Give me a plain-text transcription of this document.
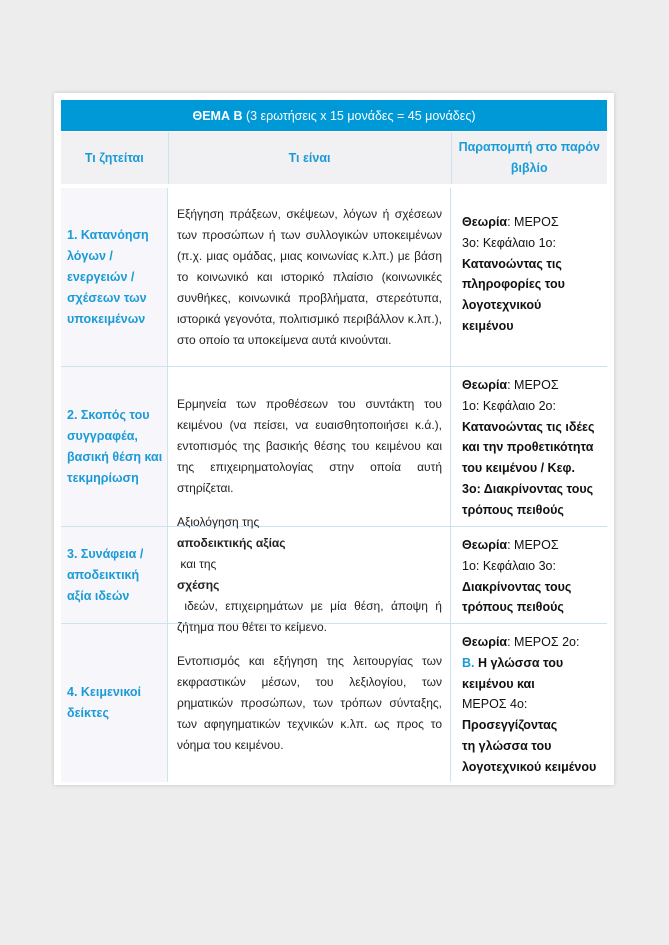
ΘΕΜΑ Β (3 ερωτήσεις x 15 μονάδες = 45 μονάδες)
Τι ζητείται	Τι είναι
Παραπομπή στο παρόν βιβλίο
1. Κατανόηση λόγων / ενεργειών / σχέσεων των υποκειμένων
Εξήγηση πράξεων, σκέψεων, λόγων ή σχέσεων των προσώπων ή των συλλογικών υποκειμένων (π.χ. μιας ομάδας, μιας κοινωνίας κ.λπ.) με βάση το κοινωνικό και ιστορικό πλαίσιο (κοινωνικές συνθήκες, κοινωνικά προβλήματα, στερεότυπα, ιστορικά γεγονότα, πολιτισμικό περιβάλλον κ.λπ.), στο οποίο τα υποκείμενα αυτά κινούνται.
Θεωρία: ΜΕΡΟΣ
3ο: Κεφάλαιο 1ο:
Κατανοώντας τις
πληροφορίες του
λογοτεχνικού
κειμένου
2. Σκοπός του συγγραφέα, βασική θέση και τεκμηρίωση
Ερμηνεία των προθέσεων του συντάκτη του κειμένου (να πείσει, να ευαισθητοποιήσει κ.ά.), εντοπισμός της βασικής θέσης του κειμένου και της επιχειρηματολογίας στην οποία αυτή στηρίζεται.
Θεωρία: ΜΕΡΟΣ
1ο: Κεφάλαιο 2ο:
Κατανοώντας τις ιδέες
και την προθετικότητα
του κειμένου / Κεφ.
3ο: Διακρίνοντας τους
τρόπους πειθούς
3. Συνάφεια / αποδεικτική αξία ιδεών
Αξιολόγηση της
αποδεικτικής αξίας
και της
σχέσης
ιδεών, επιχειρημάτων με μία θέση, άποψη ή ζήτημα που θέτει το κείμενο.
Θεωρία: ΜΕΡΟΣ
1ο: Κεφάλαιο 3ο:
Διακρίνοντας τους
τρόπους πειθούς
4. Κειμενικοί δείκτες
Εντοπισμός και εξήγηση της λειτουργίας των εκφραστικών μέσων, του λεξιλογίου, των ρηματικών προσώπων, των τρόπων σύνταξης, των αφηγηματικών τεχνικών κ.λπ. ως προς το νόημα του κειμένου.
Θεωρία: ΜΕΡΟΣ 2ο:
Β. Η γλώσσα του
κειμένου και
ΜΕΡΟΣ 4ο:
Προσεγγίζοντας
τη γλώσσα του
λογοτεχνικού κειμένου
